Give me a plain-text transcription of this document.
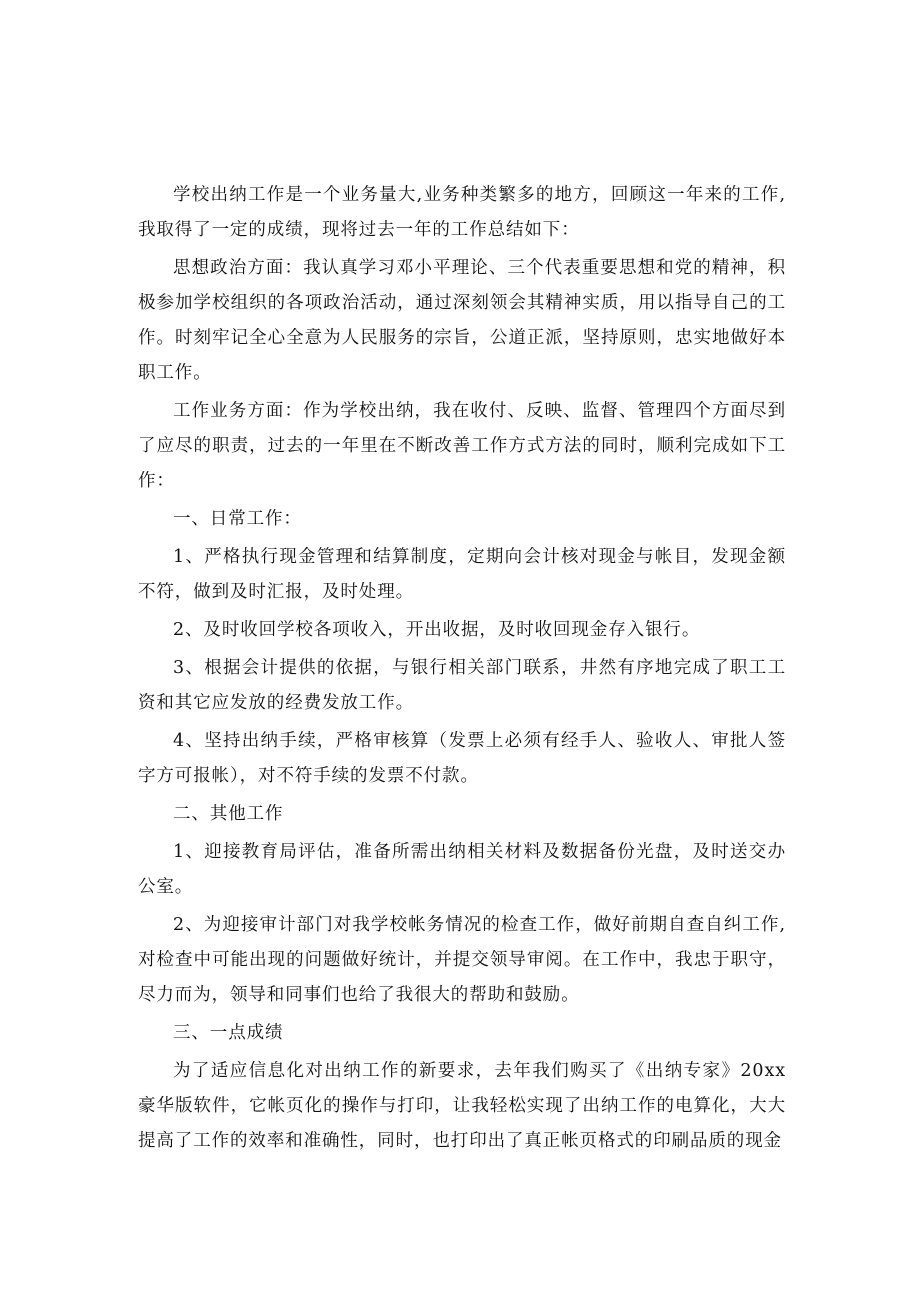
学校出纳工作是一个业务量大,业务种类繁多的地方，回顾这一年来的工作,我取得了一定的成绩，现将过去一年的工作总结如下：

思想政治方面：我认真学习邓小平理论、三个代表重要思想和党的精神，积极参加学校组织的各项政治活动，通过深刻领会其精神实质，用以指导自己的工作。时刻牢记全心全意为人民服务的宗旨，公道正派，坚持原则，忠实地做好本职工作。

工作业务方面：作为学校出纳，我在收付、反映、监督、管理四个方面尽到了应尽的职责，过去的一年里在不断改善工作方式方法的同时，顺利完成如下工作：

一、日常工作：

1、严格执行现金管理和结算制度，定期向会计核对现金与帐目，发现金额不符，做到及时汇报，及时处理。

2、及时收回学校各项收入，开出收据，及时收回现金存入银行。

3、根据会计提供的依据，与银行相关部门联系，井然有序地完成了职工工资和其它应发放的经费发放工作。

4、坚持出纳手续，严格审核算（发票上必须有经手人、验收人、审批人签字方可报帐），对不符手续的发票不付款。

二、其他工作

1、迎接教育局评估，准备所需出纳相关材料及数据备份光盘，及时送交办公室。

2、为迎接审计部门对我学校帐务情况的检查工作，做好前期自查自纠工作,对检查中可能出现的问题做好统计，并提交领导审阅。在工作中，我忠于职守，尽力而为，领导和同事们也给了我很大的帮助和鼓励。

三、一点成绩

为了适应信息化对出纳工作的新要求，去年我们购买了《出纳专家》20xx豪华版软件，它帐页化的操作与打印，让我轻松实现了出纳工作的电算化，大大提高了工作的效率和准确性，同时，也打印出了真正帐页格式的印刷品质的现金
